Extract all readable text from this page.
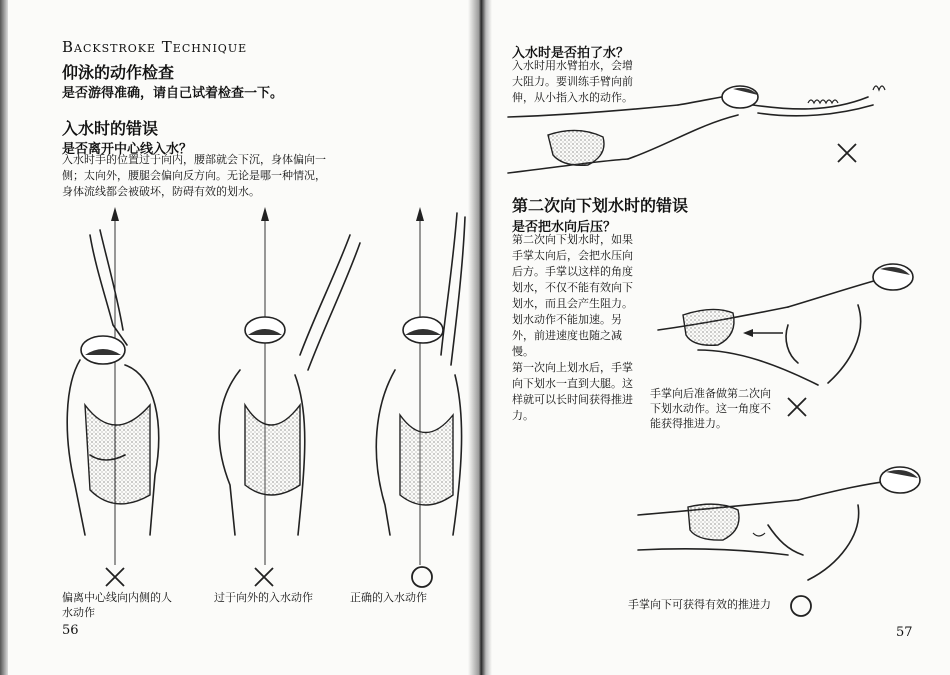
Backstroke Technique
仰泳的动作检查
是否游得准确，请自己试着检查一下。
入水时的错误
是否离开中心线入水？
入水时手的位置过于向内，腰部就会下沉，身体偏向一
侧；太向外，腰腿会偏向反方向。无论是哪一种情况，
身体流线都会被破坏，防碍有效的划水。
偏离中心线向内侧的人
水动作
过于向外的入水动作	正确的入水动作
56
入水时是否拍了水？
入水时用水臂拍水，会增
大阻力。要训练手臂向前
伸，从小指入水的动作。
第二次向下划水时的错误
是否把水向后压？
第二次向下划水时，如果
手掌太向后，会把水压向
后方。手掌以这样的角度
划水，不仅不能有效向下
划水，而且会产生阻力。
划水动作不能加速。另
外，前进速度也随之减
慢。
第一次向上划水后，手掌
向下划水一直到大腿。这
样就可以长时间获得推进
力。
手掌向后准备做第二次向
下划水动作。这一角度不
能获得推进力。
手掌向下可获得有效的推进力
57
